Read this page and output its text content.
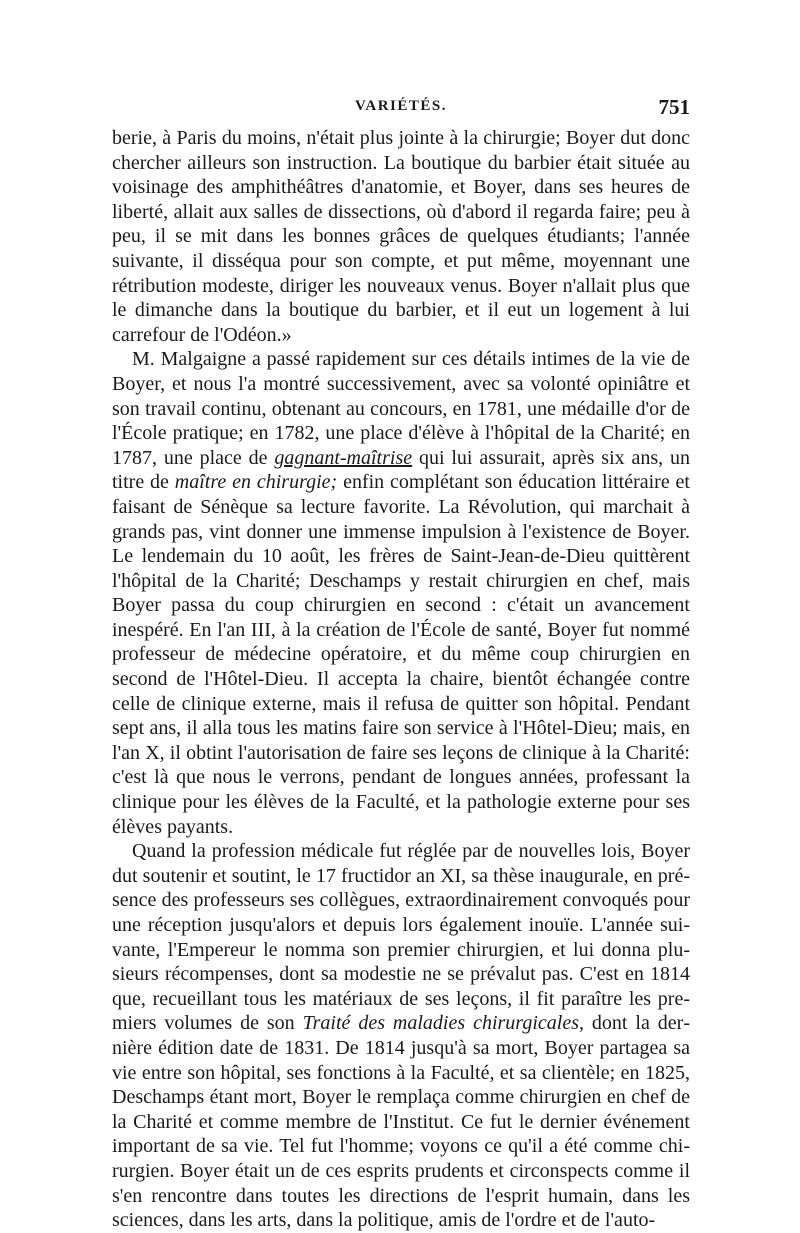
VARIÉTÉS.	751

berie, à Paris du moins, n'était plus jointe à la chirurgie; Boyer dut donc chercher ailleurs son instruction. La boutique du barbier était située au voisinage des amphithéâtres d'anatomie, et Boyer, dans ses heures de liberté, allait aux salles de dissections, où d'abord il regarda faire; peu à peu, il se mit dans les bonnes grâces de quelques étudiants; l'année suivante, il disséqua pour son compte, et put même, moyennant une rétribution modeste, diriger les nouveaux venus. Boyer n'allait plus que le dimanche dans la boutique du barbier, et il eut un logement à lui carrefour de l'Odéon.»

M. Malgaigne a passé rapidement sur ces détails intimes de la vie de Boyer, et nous l'a montré successivement, avec sa volonté opiniâtre et son travail continu, obtenant au concours, en 1781, une médaille d'or de l'École pratique; en 1782, une place d'élève à l'hôpital de la Charité; en 1787, une place de gagnant-maîtrise qui lui assurait, après six ans, un titre de maître en chirurgie; enfin complétant son éducation littéraire et faisant de Sénèque sa lecture favorite. La Révolution, qui marchait à grands pas, vint donner une immense impulsion à l'existence de Boyer. Le lendemain du 10 août, les frères de Saint-Jean-de-Dieu quittèrent l'hôpital de la Charité; Deschamps y restait chirurgien en chef, mais Boyer passa du coup chirurgien en second : c'était un avancement inespéré. En l'an III, à la création de l'École de santé, Boyer fut nommé professeur de médecine opératoire, et du même coup chirurgien en second de l'Hôtel-Dieu. Il accepta la chaire, bientôt échangée contre celle de clinique externe, mais il refusa de quitter son hôpital. Pendant sept ans, il alla tous les matins faire son service à l'Hôtel-Dieu; mais, en l'an X, il obtint l'autorisation de faire ses leçons de clinique à la Charité: c'est là que nous le verrons, pendant de longues années, professant la clinique pour les élèves de la Faculté, et la pathologie externe pour ses élèves payants.

Quand la profession médicale fut réglée par de nouvelles lois, Boyer dut soutenir et soutint, le 17 fructidor an XI, sa thèse inaugurale, en présence des professeurs ses collègues, extraordinairement convoqués pour une réception jusqu'alors et depuis lors également inouïe. L'année suivante, l'Empereur le nomma son premier chirurgien, et lui donna plusieurs récompenses, dont sa modestie ne se prévalut pas. C'est en 1814 que, recueillant tous les matériaux de ses leçons, il fit paraître les premiers volumes de son Traité des maladies chirurgicales, dont la dernière édition date de 1831. De 1814 jusqu'à sa mort, Boyer partagea sa vie entre son hôpital, ses fonctions à la Faculté, et sa clientèle; en 1825, Deschamps étant mort, Boyer le remplaça comme chirurgien en chef de la Charité et comme membre de l'Institut. Ce fut le dernier événement important de sa vie. Tel fut l'homme; voyons ce qu'il a été comme chirurgien. Boyer était un de ces esprits prudents et circonspects comme il s'en rencontre dans toutes les directions de l'esprit humain, dans les sciences, dans les arts, dans la politique, amis de l'ordre et de l'auto-
